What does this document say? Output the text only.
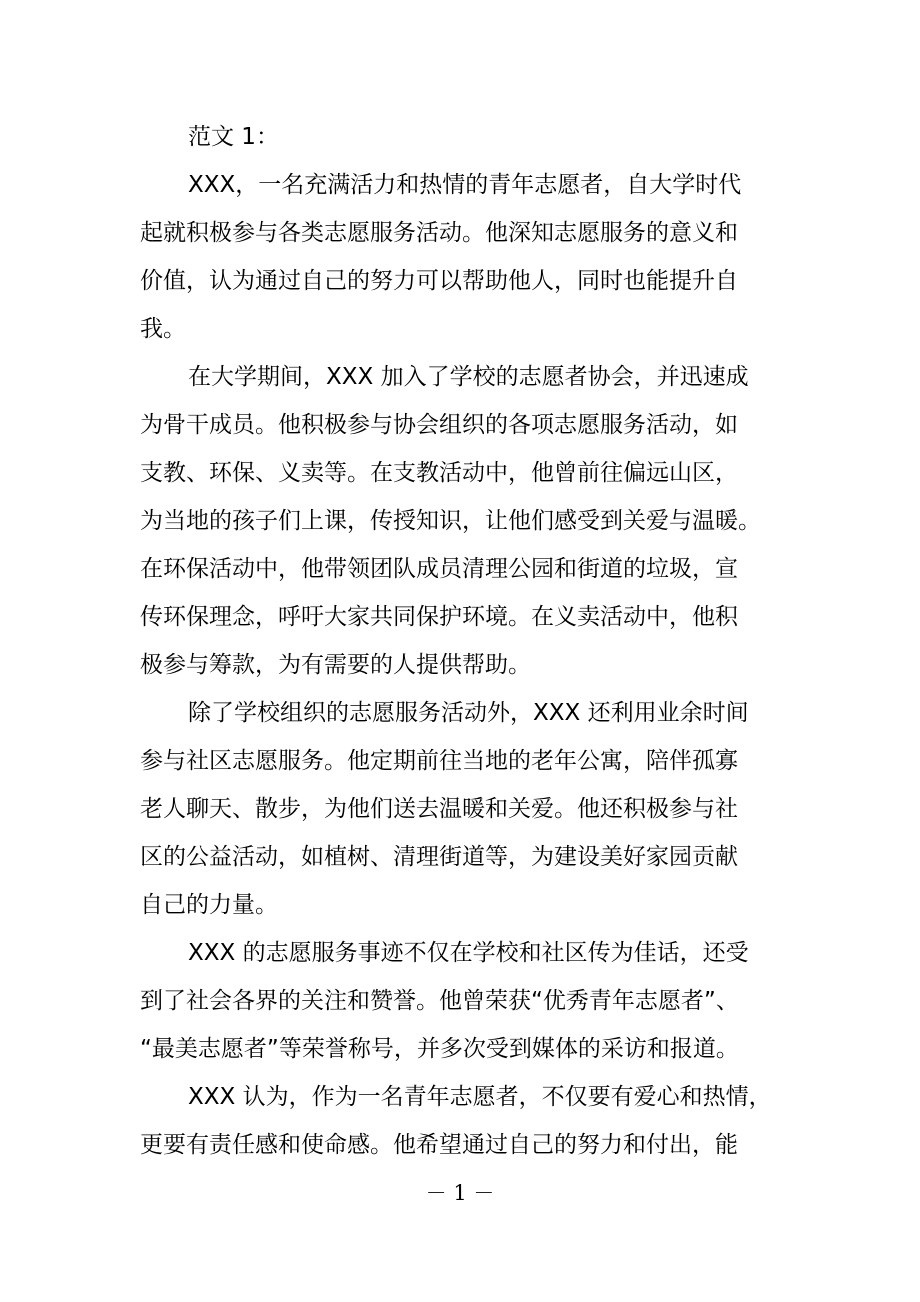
范文 1：

XXX，一名充满活力和热情的青年志愿者，自大学时代
起就积极参与各类志愿服务活动。他深知志愿服务的意义和
价值，认为通过自己的努力可以帮助他人，同时也能提升自
我。

在大学期间，XXX 加入了学校的志愿者协会，并迅速成
为骨干成员。他积极参与协会组织的各项志愿服务活动，如
支教、环保、义卖等。在支教活动中，他曾前往偏远山区，
为当地的孩子们上课，传授知识，让他们感受到关爱与温暖。
在环保活动中，他带领团队成员清理公园和街道的垃圾，宣
传环保理念，呼吁大家共同保护环境。在义卖活动中，他积
极参与筹款，为有需要的人提供帮助。

除了学校组织的志愿服务活动外，XXX 还利用业余时间
参与社区志愿服务。他定期前往当地的老年公寓，陪伴孤寡
老人聊天、散步，为他们送去温暖和关爱。他还积极参与社
区的公益活动，如植树、清理街道等，为建设美好家园贡献
自己的力量。

XXX 的志愿服务事迹不仅在学校和社区传为佳话，还受
到了社会各界的关注和赞誉。他曾荣获“优秀青年志愿者”、
“最美志愿者”等荣誉称号，并多次受到媒体的采访和报道。

XXX 认为，作为一名青年志愿者，不仅要有爱心和热情，
更要有责任感和使命感。他希望通过自己的努力和付出，能

－ 1 －
